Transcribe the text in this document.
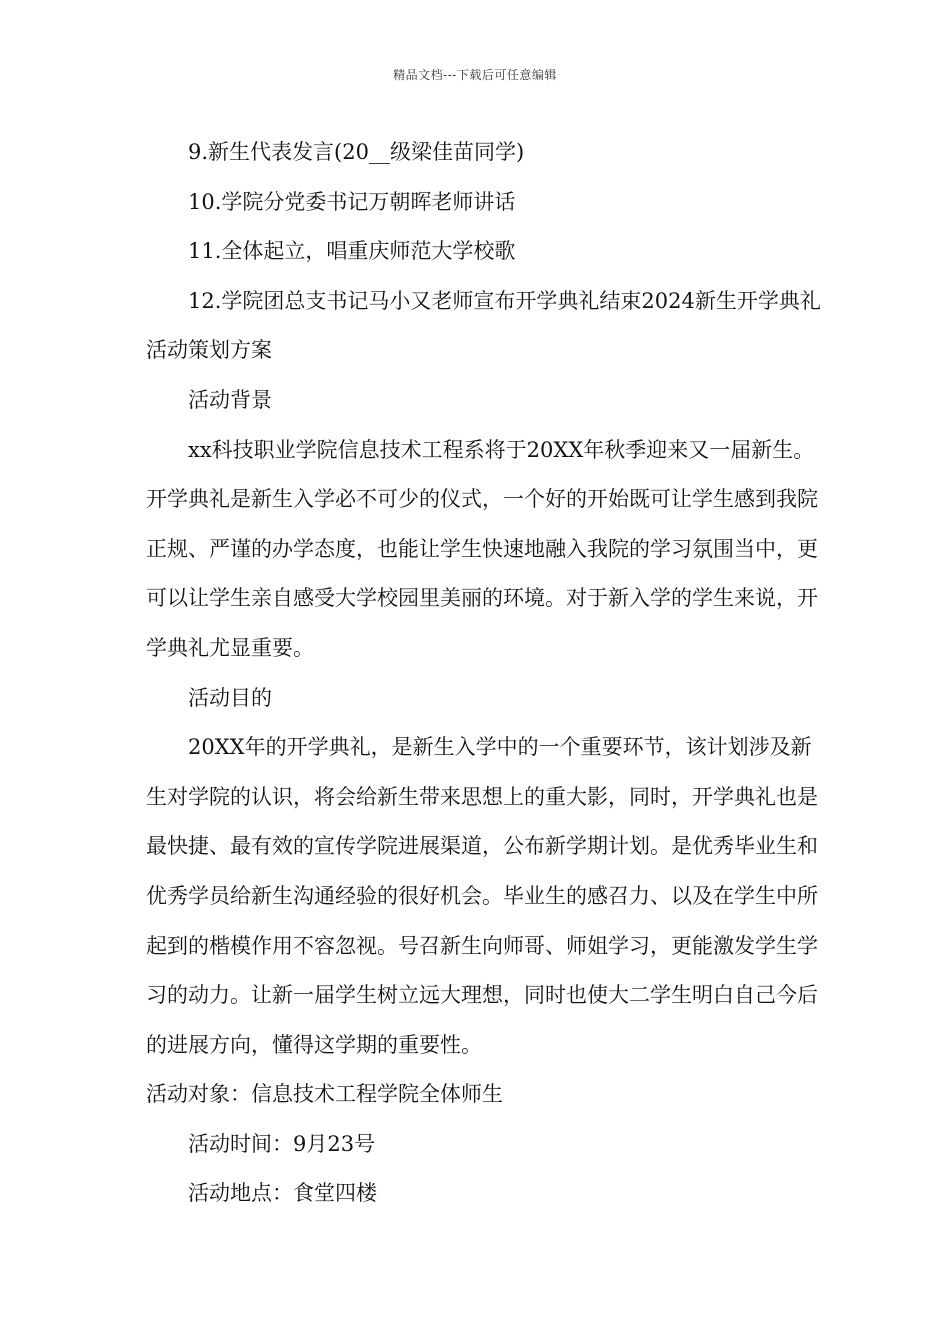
精品文档---下载后可任意编辑

9.新生代表发言(20__级梁佳苗同学)

10.学院分党委书记万朝晖老师讲话

11.全体起立，唱重庆师范大学校歌

12.学院团总支书记马小又老师宣布开学典礼结束2024新生开学典礼活动策划方案

活动背景

xx科技职业学院信息技术工程系将于20XX年秋季迎来又一届新生。开学典礼是新生入学必不可少的仪式，一个好的开始既可让学生感到我院正规、严谨的办学态度，也能让学生快速地融入我院的学习氛围当中，更可以让学生亲自感受大学校园里美丽的环境。对于新入学的学生来说，开学典礼尤显重要。

活动目的

20XX年的开学典礼，是新生入学中的一个重要环节，该计划涉及新生对学院的认识，将会给新生带来思想上的重大影，同时，开学典礼也是最快捷、最有效的宣传学院进展渠道，公布新学期计划。是优秀毕业生和优秀学员给新生沟通经验的很好机会。毕业生的感召力、以及在学生中所起到的楷模作用不容忽视。号召新生向师哥、师姐学习，更能激发学生学习的动力。让新一届学生树立远大理想，同时也使大二学生明白自己今后的进展方向，懂得这学期的重要性。

活动对象：信息技术工程学院全体师生

活动时间：9月23号

活动地点：食堂四楼
